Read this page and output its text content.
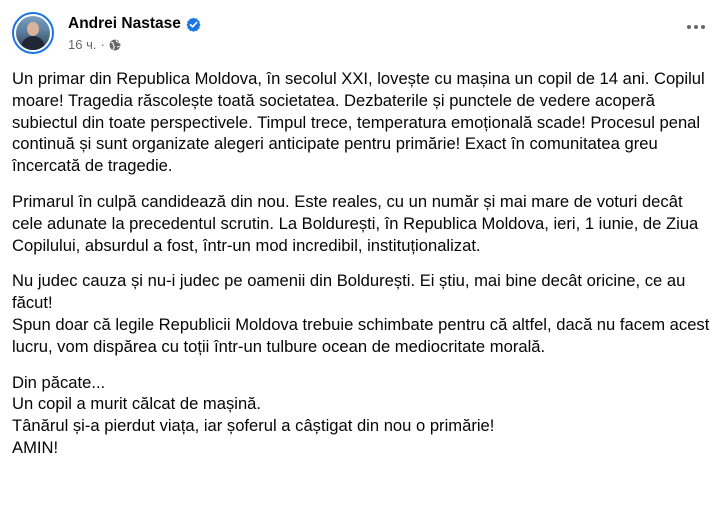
Andrei Nastase
16 ч. ·

Un primar din Republica Moldova, în secolul XXI, lovește cu mașina un copil de 14 ani. Copilul moare! Tragedia răscolește toată societatea. Dezbaterile și punctele de vedere acoperă subiectul din toate perspectivele. Timpul trece, temperatura emoțională scade! Procesul penal continuă și sunt organizate alegeri anticipate pentru primărie! Exact în comunitatea greu încercată de tragedie.

Primarul în culpă candidează din nou. Este reales, cu un număr și mai mare de voturi decât cele adunate la precedentul scrutin. La Boldurești, în Republica Moldova, ieri, 1 iunie, de Ziua Copilului, absurdul a fost, într-un mod incredibil, instituționalizat.

Nu judec cauza și nu-i judec pe oamenii din Boldurești. Ei știu, mai bine decât oricine, ce au făcut!
Spun doar că legile Republicii Moldova trebuie schimbate pentru că altfel, dacă nu facem acest lucru, vom dispărea cu toții într-un tulbure ocean de mediocritate morală.

Din păcate...
Un copil a murit călcat de mașină.
Tânărul și-a pierdut viața, iar șoferul a câștigat din nou o primărie!
AMIN!
